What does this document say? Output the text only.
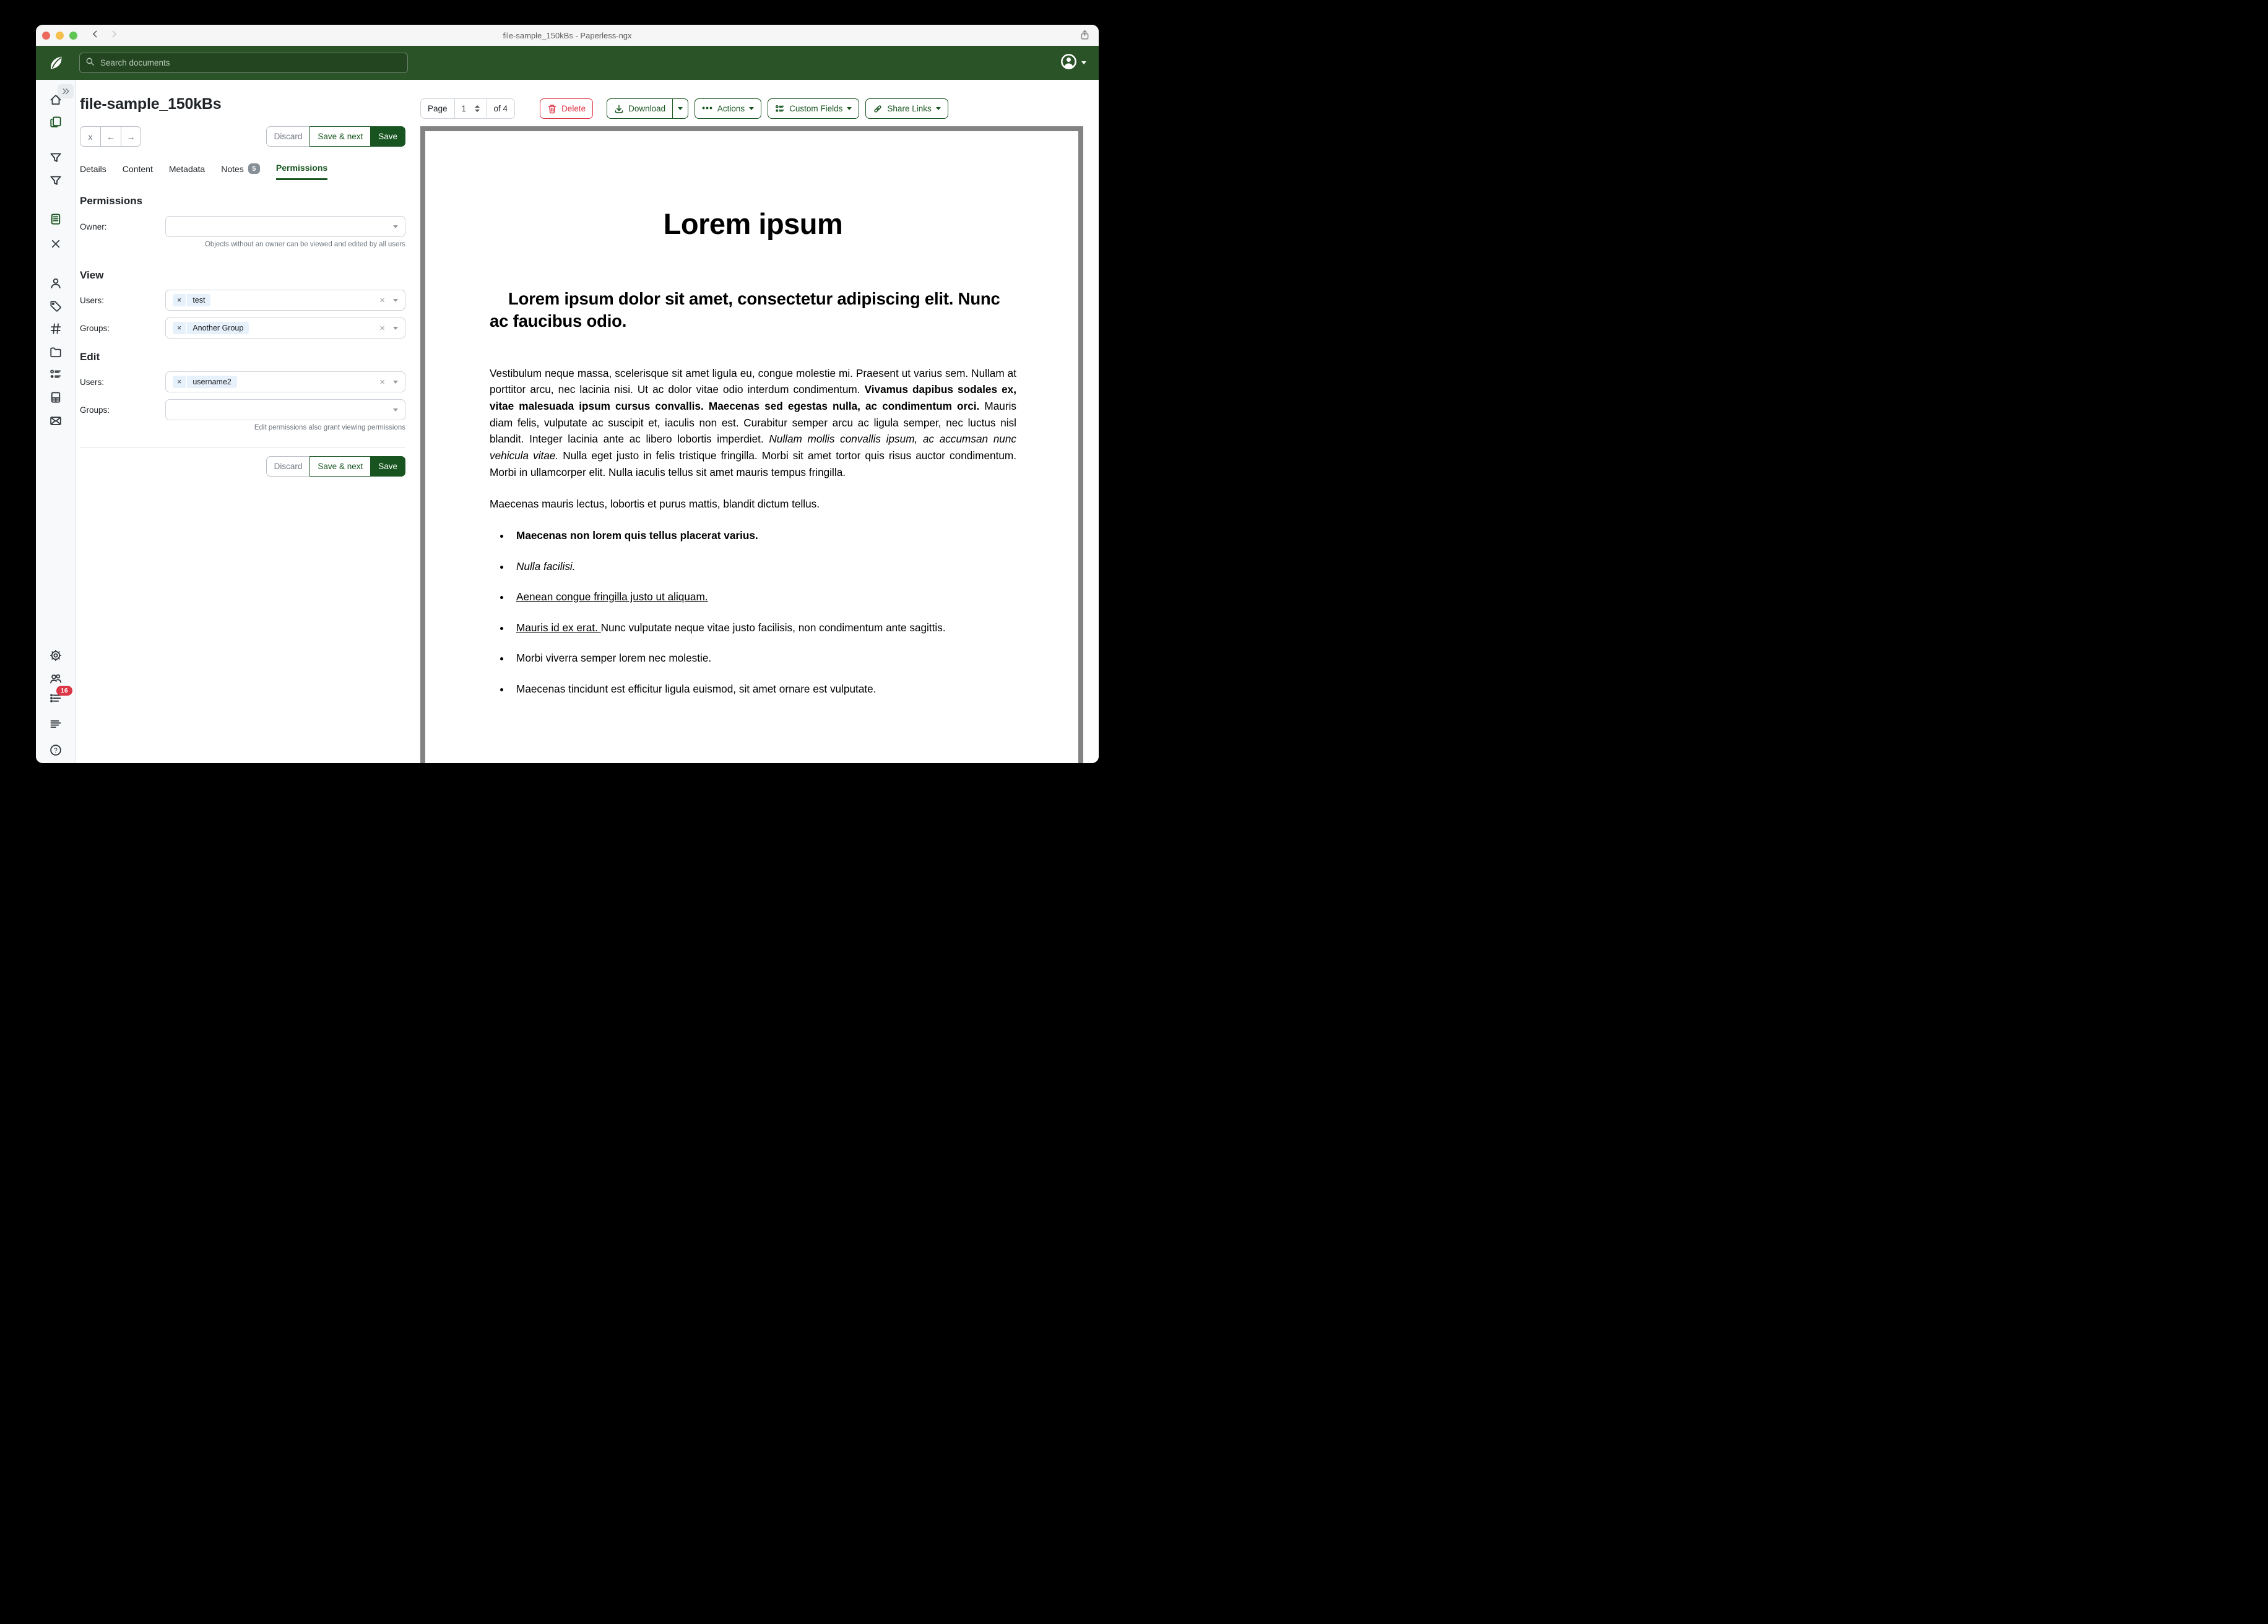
file-sample_150kBs - Paperless-ngx
Search documents
16
?
file-sample_150kBs
x	←	→	Discard	Save & next	Save
Details Content Metadata Notes	5	Permissions
Permissions
Owner:
Objects without an owner can be viewed and edited by all users
View
Users:	×	test	×
Groups:	×	Another Group	×
Edit
Users:	×	username2	×
Groups:
Edit permissions also grant viewing permissions
Discard	Save & next	Save
Page
1	of 4	Delete	Download	••• Actions	Custom Fields	Share Links
Lorem ipsum
Lorem ipsum dolor sit amet, consectetur adipiscing elit. Nunc ac faucibus odio.

Vestibulum neque massa, scelerisque sit amet ligula eu, congue molestie mi. Praesent ut varius sem. Nullam at porttitor arcu, nec lacinia nisi. Ut ac dolor vitae odio interdum condimentum. Vivamus dapibus sodales ex, vitae malesuada ipsum cursus convallis. Maecenas sed egestas nulla, ac condimentum orci. Mauris diam felis, vulputate ac suscipit et, iaculis non est. Curabitur semper arcu ac ligula semper, nec luctus nisl blandit. Integer lacinia ante ac libero lobortis imperdiet. Nullam mollis convallis ipsum, ac accumsan nunc vehicula vitae. Nulla eget justo in felis tristique fringilla. Morbi sit amet tortor quis risus auctor condimentum. Morbi in ullamcorper elit. Nulla iaculis tellus sit amet mauris tempus fringilla.

Maecenas mauris lectus, lobortis et purus mattis, blandit dictum tellus.

• Maecenas non lorem quis tellus placerat varius.
• Nulla facilisi.
• Aenean congue fringilla justo ut aliquam.
• Mauris id ex erat. Nunc vulputate neque vitae justo facilisis, non condimentum ante sagittis.
• Morbi viverra semper lorem nec molestie.
• Maecenas tincidunt est efficitur ligula euismod, sit amet ornare est vulputate.
